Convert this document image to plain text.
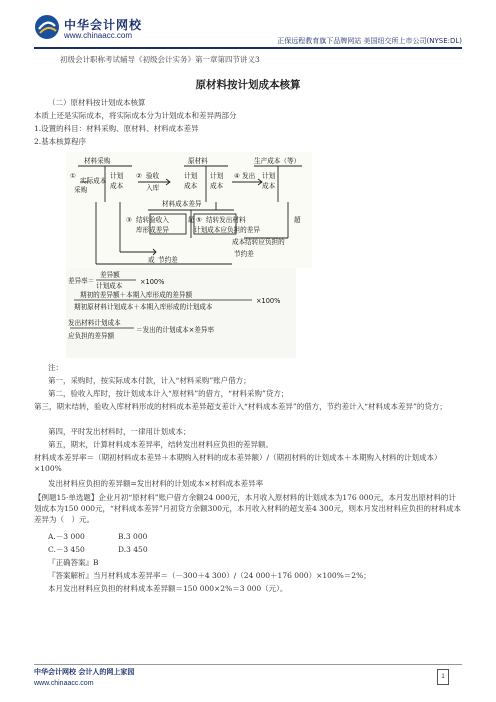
中华会计网校
www.chinaacc.com
正保远程教育旗下品牌网站 美国纽交所上市公司(NYSE:DL)
初级会计职称考试辅导《初级会计实务》第一章第四节讲义3
原材料按计划成本核算
（二）原材料按计划成本核算
本质上还是实际成本，将实际成本分为计划成本和差异两部分
1.设置的科目：材料采购、原材料、材料成本差异
2.基本核算程序
材料采购	原材料	生产成本（等）
①
实际成本
采购
计划
成本
② 验收
入库
计划
成本
计划
成本
④ 发出 计划
成本
材料成本差异
③ 结转验收入
库形成差异
超 ⑤ 结转发出材料
计划成本应负担的差异
超
成本结转应负担的
节约差
或 节约差
差异率＝
差异额
计划成本	×100%
期初的差异额＋本期入库形成的差异额
期初原材料计划成本＋本期入库形成的计划成本
×100%
发出材料计划成本
应负担的差异额
＝发出的计划成本×差异率
注：
第一，采购时，按实际成本付款，计入“材料采购”账户借方；
第二，验收入库时，按计划成本计入“原材料”的借方，“材料采购”贷方；
第三，期末结转，验收入库材料形成的材料成本差异超支差计入“材料成本差异”的借方，节约差计入“材料成本差异”的贷方；
第四，平时发出材料时，一律用计划成本；
第五，期末，计算材料成本差异率，结转发出材料应负担的差异额。
材料成本差异率＝（期初材料成本差异＋本期购入材料的成本差异额）/（期初材料的计划成本＋本期购入材料的计划成本）×100%
发出材料应负担的差异额=发出材料的计划成本×材料成本差异率
【例题15·单选题】企业月初“原材料”账户借方余额24 000元，本月收入原材料的计划成本为176 000元，本月发出原材料的计划成本为150 000元，“材料成本差异”月初贷方余额300元，本月收入材料的超支差4 300元，则本月发出材料应负担的材料成本差异为（　）元。
A.－3 000	B.3 000
C.－3 450	D.3 450
『正确答案』B
『答案解析』当月材料成本差异率＝（－300＋4 300）/（24 000＋176 000）×100%＝2%；
本月发出材料应负担的材料成本差异额＝150 000×2%＝3 000（元）。
中华会计网校 会计人的网上家园
www.chinaacc.com
1
